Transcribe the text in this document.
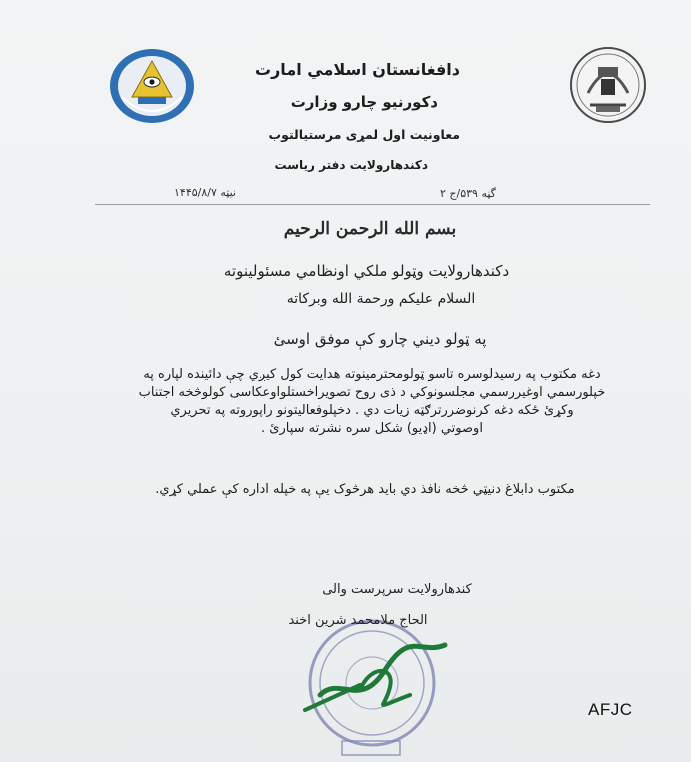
دافغانستان اسلامي امارت
دکورنیو چارو وزارت
معاونیت اول لمړی مرستیالتوب
دکندهارولایت دفتر ریاست
گڼه ۵۳۹/ج ۲
نیټه ۱۴۴۵/۸/۷
بسم الله الرحمن الرحیم
دکندهارولایت وټولو ملکي اونظامي مسئولینوته
السلام علیکم ورحمة الله وبرکاته
په ټولو دیني چارو کې موفق اوسئ
دغه مکتوب په رسیدلوسره تاسو ټولومحترمینوته هدایت کول کیږي چې دائینده لپاره په
خپلورسمي اوغیررسمي مجلسونوکي د ذی روح تصویراخستلواوعکاسی کولوڅخه اجتناب
وکړئ ځکه دغه کرنوضررترګټه زیات دي . دخپلوفعالیتونو راپوروته په تحریري
اوصوتي (اډیو) شکل سره نشرته سپارئ .
مکتوب دابلاغ دنیټي څخه نافذ دي باید هرڅوک یې په خپله اداره کې عملي کړي.
کندهارولایت سرپرست والی
الحاج ملامحمد شرین اخند
AFJC
